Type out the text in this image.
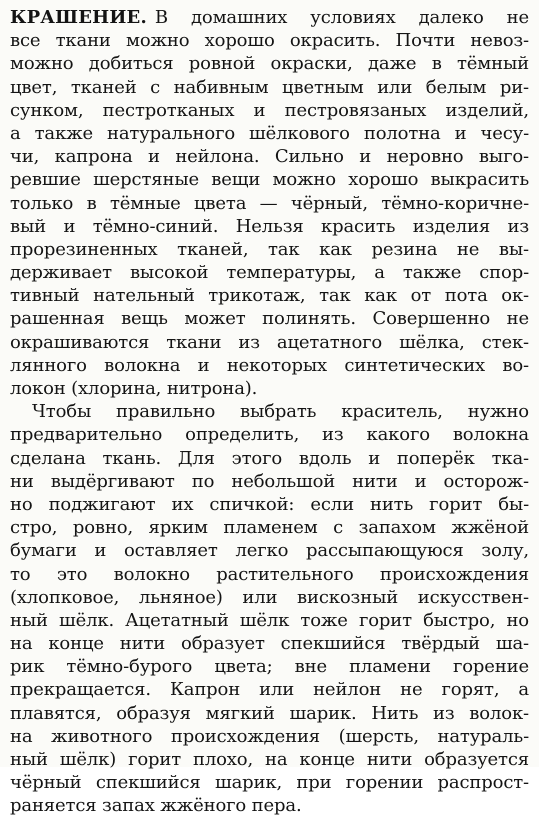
КРАШЕНИЕ. В домашних условиях далеко не
все ткани можно хорошо окрасить. Почти невоз-
можно добиться ровной окраски, даже в тёмный
цвет, тканей с набивным цветным или белым ри-
сунком, пестротканых и пестровязаных изделий,
а также натурального шёлкового полотна и чесу-
чи, капрона и нейлона. Сильно и неровно выго-
ревшие шерстяные вещи можно хорошо выкрасить
только в тёмные цвета — чёрный, тёмно-коричне-
вый и тёмно-синий. Нельзя красить изделия из
прорезиненных тканей, так как резина не вы-
держивает высокой температуры, а также спор-
тивный нательный трикотаж, так как от пота ок-
рашенная вещь может полинять. Совершенно не
окрашиваются ткани из ацетатного шёлка, стек-
лянного волокна и некоторых синтетических во-
локон (хлорина, нитрона).
Чтобы правильно выбрать краситель, нужно
предварительно определить, из какого волокна
сделана ткань. Для этого вдоль и поперёк тка-
ни выдёргивают по небольшой нити и осторож-
но поджигают их спичкой: если нить горит бы-
стро, ровно, ярким пламенем с запахом жжёной
бумаги и оставляет легко рассыпающуюся золу,
то это волокно растительного происхождения
(хлопковое, льняное) или вискозный искусствен-
ный шёлк. Ацетатный шёлк тоже горит быстро, но
на конце нити образует спекшийся твёрдый ша-
рик тёмно-бурого цвета; вне пламени горение
прекращается. Капрон или нейлон не горят, а
плавятся, образуя мягкий шарик. Нить из волок-
на животного происхождения (шерсть, натураль-
ный шёлк) горит плохо, на конце нити образуется
чёрный спекшийся шарик, при горении распрост-
раняется запах жжёного пера.
